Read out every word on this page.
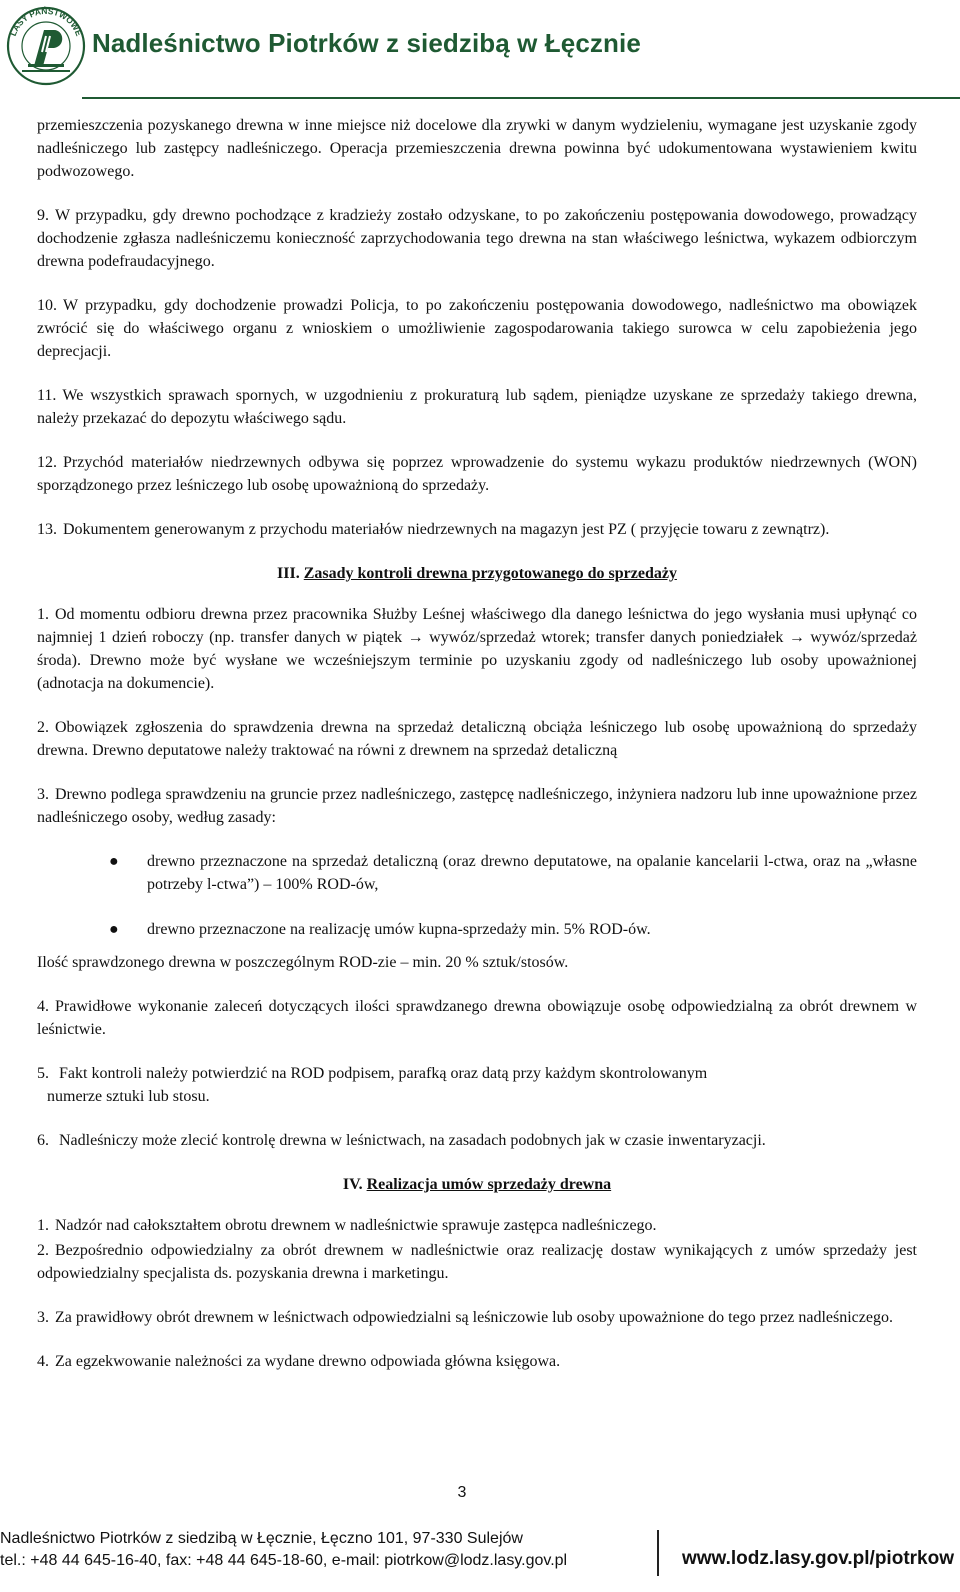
LASY PAŃSTWOWE Nadleśnictwo Piotrków z siedzibą w Łęcznie

przemieszczenia pozyskanego drewna w inne miejsce niż docelowe dla zrywki w danym wydzieleniu, wymagane jest uzyskanie zgody nadleśniczego lub zastępcy nadleśniczego. Operacja przemieszczenia drewna powinna być udokumentowana wystawieniem kwitu podwozowego.

9. W przypadku, gdy drewno pochodzące z kradzieży zostało odzyskane, to po zakończeniu postępowania dowodowego, prowadzący dochodzenie zgłasza nadleśniczemu konieczność zaprzychodowania tego drewna na stan właściwego leśnictwa, wykazem odbiorczym drewna podefraudacyjnego.

10. W przypadku, gdy dochodzenie prowadzi Policja, to po zakończeniu postępowania dowodowego, nadleśnictwo ma obowiązek zwrócić się do właściwego organu z wnioskiem o umożliwienie zagospodarowania takiego surowca w celu zapobieżenia jego deprecjacji.

11. We wszystkich sprawach spornych, w uzgodnieniu z prokuraturą lub sądem, pieniądze uzyskane ze sprzedaży takiego drewna, należy przekazać do depozytu właściwego sądu.

12. Przychód materiałów niedrzewnych odbywa się poprzez wprowadzenie do systemu wykazu produktów niedrzewnych (WON) sporządzonego przez leśniczego lub osobę upoważnioną do sprzedaży.

13. Dokumentem generowanym z przychodu materiałów niedrzewnych na magazyn jest PZ ( przyjęcie towaru z zewnątrz).

III. Zasady kontroli drewna przygotowanego do sprzedaży

1. Od momentu odbioru drewna przez pracownika Służby Leśnej właściwego dla danego leśnictwa do jego wysłania musi upłynąć co najmniej 1 dzień roboczy (np. transfer danych w piątek → wywóz/sprzedaż wtorek; transfer danych poniedziałek → wywóz/sprzedaż środa). Drewno może być wysłane we wcześniejszym terminie po uzyskaniu zgody od nadleśniczego lub osoby upoważnionej (adnotacja na dokumencie).

2. Obowiązek zgłoszenia do sprawdzenia drewna na sprzedaż detaliczną obciąża leśniczego lub osobę upoważnioną do sprzedaży drewna. Drewno deputatowe należy traktować na równi z drewnem na sprzedaż detaliczną

3. Drewno podlega sprawdzeniu na gruncie przez nadleśniczego, zastępcę nadleśniczego, inżyniera nadzoru lub inne upoważnione przez nadleśniczego osoby, według zasady:

● drewno przeznaczone na sprzedaż detaliczną (oraz drewno deputatowe, na opalanie kancelarii l-ctwa, oraz na „własne potrzeby l-ctwa”) – 100% ROD-ów,
● drewno przeznaczone na realizację umów kupna-sprzedaży min. 5% ROD-ów.

Ilość sprawdzonego drewna w poszczególnym ROD-zie – min. 20 % sztuk/stosów.

4. Prawidłowe wykonanie zaleceń dotyczących ilości sprawdzanego drewna obowiązuje osobę odpowiedzialną za obrót drewnem w leśnictwie.

5. Fakt kontroli należy potwierdzić na ROD podpisem, parafką oraz datą przy każdym skontrolowanym
numerze sztuki lub stosu.

6. Nadleśniczy może zlecić kontrolę drewna w leśnictwach, na zasadach podobnych jak w czasie inwentaryzacji.

IV. Realizacja umów sprzedaży drewna

1. Nadzór nad całokształtem obrotu drewnem w nadleśnictwie sprawuje zastępca nadleśniczego.

2. Bezpośrednio odpowiedzialny za obrót drewnem w nadleśnictwie oraz realizację dostaw wynikających z umów sprzedaży jest odpowiedzialny specjalista ds. pozyskania drewna i marketingu.

3. Za prawidłowy obrót drewnem w leśnictwach odpowiedzialni są leśniczowie lub osoby upoważnione do tego przez nadleśniczego.

4. Za egzekwowanie należności za wydane drewno odpowiada główna księgowa.

3
Nadleśnictwo Piotrków z siedzibą w Łęcznie, Łęczno 101, 97-330 Sulejów
tel.: +48 44 645-16-40, fax: +48 44 645-18-60, e-mail: piotrkow@lodz.lasy.gov.pl	www.lodz.lasy.gov.pl/piotrkow
